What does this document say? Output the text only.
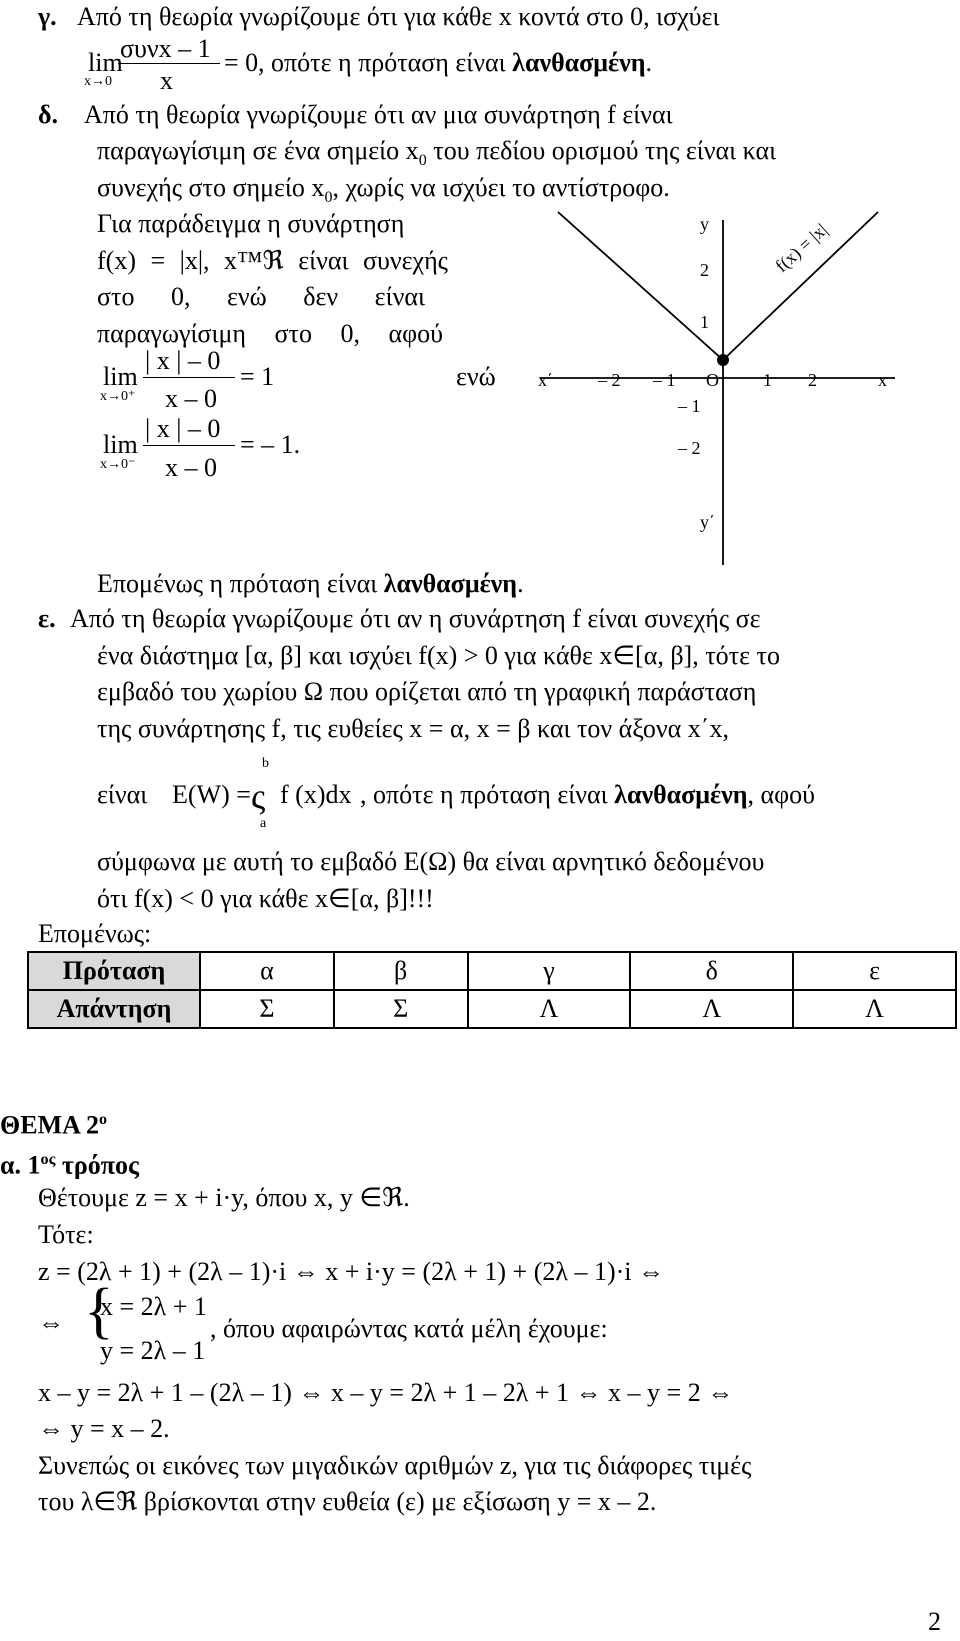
γ. Από τη θεωρία γνωρίζουμε ότι για κάθε x κοντά στο 0, ισχύει
συνx – 1
lim
x→0 x
= 0 , οπότε η πρόταση είναι λανθασμένη.
δ. Από τη θεωρία γνωρίζουμε ότι αν μια συνάρτηση f είναι
παραγωγίσιμη σε ένα σημείο $x_0$ του πεδίου ορισμού της είναι και
συνεχής στο σημείο $x_0$, χωρίς να ισχύει το αντίστροφο.
Για παράδειγμα η συνάρτηση
f(x) = |x|, x™ℜ είναι συνεχής
στο 0, ενώ δεν είναι
παραγωγίσιμη στο 0, αφού
| x | – 0
lim
x→0⁺ x – 0
= 1	ενώ
| x | – 0
lim
x→0⁻ x – 0
= – 1.
y
y΄
x΄	x
O
– 2 – 1	1 2
2
1
– 1
– 2
f(x) = |x|
Επομένως η πρόταση είναι λανθασμένη.
ε. Από τη θεωρία γνωρίζουμε ότι αν η συνάρτηση f είναι συνεχής σε
ένα διάστημα [α, β] και ισχύει f(x) > 0 για κάθε x∈[α, β], τότε το
εμβαδό του χωρίου Ω που ορίζεται από τη γραφική παράσταση
της συνάρτησης f, τις ευθείες x = α, x = β και τον άξονα x΄x,
είναι E(W) =
b
ς
a
f (x)dx , οπότε η πρόταση είναι λανθασμένη, αφού
σύμφωνα με αυτή το εμβαδό Ε(Ω) θα είναι αρνητικό δεδομένου
ότι f(x) < 0 για κάθε x∈[α, β]!!!
Επομένως:
Πρόταση	α	β	γ	δ	ε
Απάντηση	Σ	Σ	Λ	Λ	Λ
ΘΕΜΑ $2^o$
α. $1^{o\varsigma}$ τρόπος
Θέτουμε z = x + i·y, όπου x, y ∈ℜ.
Τότε:
z = (2λ + 1) + (2λ – 1)·i ⇔ x + i·y = (2λ + 1) + (2λ – 1)·i ⇔
⇔ {
x = 2λ + 1
y = 2λ – 1
, όπου αφαιρώντας κατά μέλη έχουμε:
x – y = 2λ + 1 – (2λ – 1) ⇔ x – y = 2λ + 1 – 2λ + 1 ⇔ x – y = 2 ⇔
⇔ y = x – 2.
Συνεπώς οι εικόνες των μιγαδικών αριθμών z, για τις διάφορες τιμές
του λ∈ℜ βρίσκονται στην ευθεία (ε) με εξίσωση y = x – 2.
2
